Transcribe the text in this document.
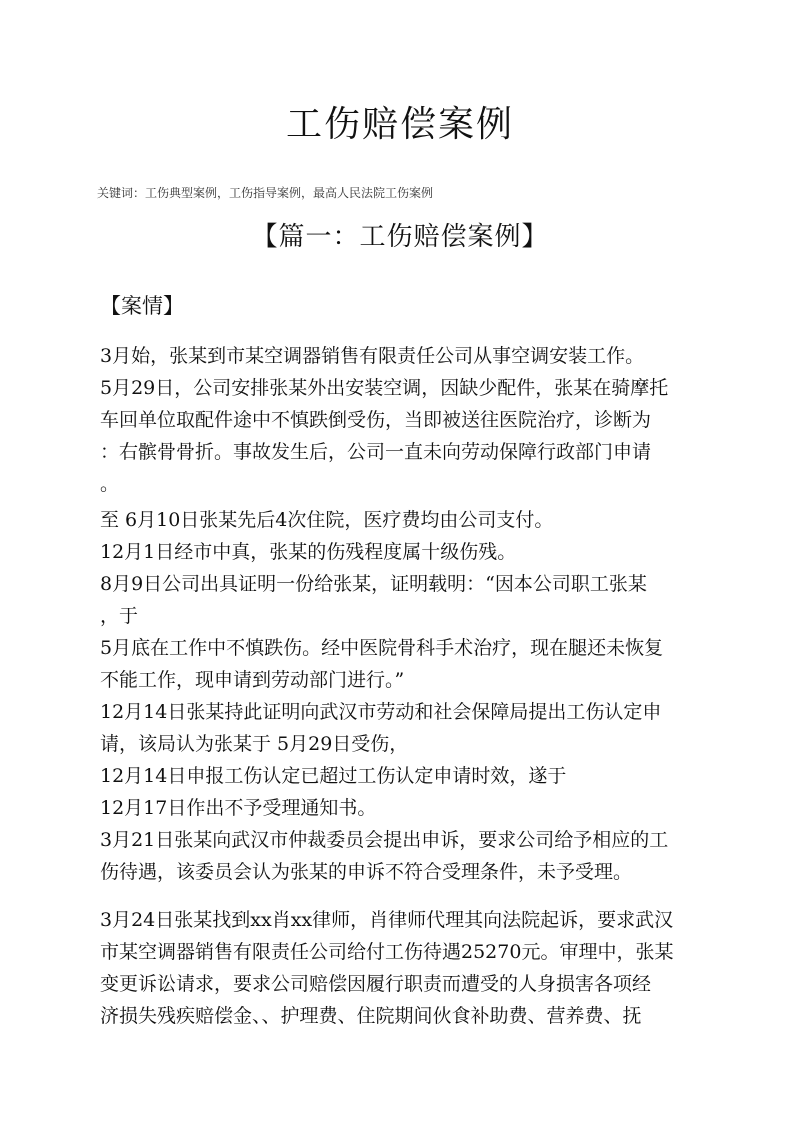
工伤赔偿案例
关键词：工伤典型案例，工伤指导案例，最高人民法院工伤案例
【篇一：工伤赔偿案例】
【案情】
3月始，张某到市某空调器销售有限责任公司从事空调安装工作。
5月29日，公司安排张某外出安装空调，因缺少配件，张某在骑摩托
车回单位取配件途中不慎跌倒受伤，当即被送往医院治疗，诊断为
：右髌骨骨折。事故发生后，公司一直未向劳动保障行政部门申请
。
至 6月10日张某先后4次住院，医疗费均由公司支付。
12月1日经市中真，张某的伤残程度属十级伤残。
8月9日公司出具证明一份给张某，证明载明：“因本公司职工张某
，于
5月底在工作中不慎跌伤。经中医院骨科手术治疗，现在腿还未恢复
不能工作，现申请到劳动部门进行。”
12月14日张某持此证明向武汉市劳动和社会保障局提出工伤认定申
请，该局认为张某于 5月29日受伤，
12月14日申报工伤认定已超过工伤认定申请时效，遂于
12月17日作出不予受理通知书。
3月21日张某向武汉市仲裁委员会提出申诉，要求公司给予相应的工
伤待遇，该委员会认为张某的申诉不符合受理条件，未予受理。
3月24日张某找到xx肖xx律师，肖律师代理其向法院起诉，要求武汉
市某空调器销售有限责任公司给付工伤待遇25270元。审理中，张某
变更诉讼请求，要求公司赔偿因履行职责而遭受的人身损害各项经
济损失残疾赔偿金、、护理费、住院期间伙食补助费、营养费、抚
